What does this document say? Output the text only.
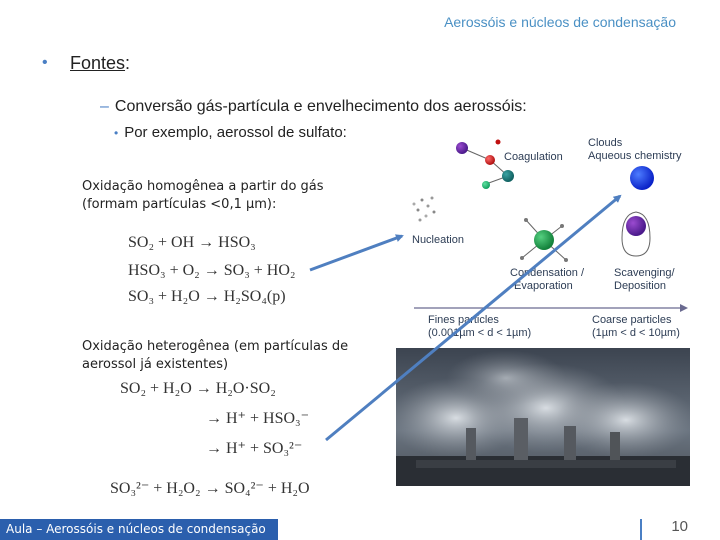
Aerossóis e núcleos de condensação
• Fontes:
– Conversão gás-partícula e envelhecimento dos aerossóis:
• Por exemplo, aerossol de sulfato:
Oxidação homogênea a partir do gás (formam partículas <0,1 µm):
SO₂ + OH → HSO₃
HSO₃ + O₂ → SO₃ + HO₂
SO₃ + H₂O → H₂SO₄(p)
Oxidação heterogênea (em partículas de aerossol já existentes)
SO₂ + H₂O → H₂O·SO₂
→ H⁺ + HSO₃⁻
→ H⁺ + SO₃²⁻
SO₃²⁻ + H₂O₂ → SO₄²⁻ + H₂O
Coagulation
Clouds
Aqueous chemistry
Nucleation
Condensation /
Evaporation
Scavenging/
Deposition
Fines particles
(0.001µm < d < 1µm)
Coarse particles
(1µm < d < 10µm)
Aula – Aerossóis e núcleos de condensação	10
